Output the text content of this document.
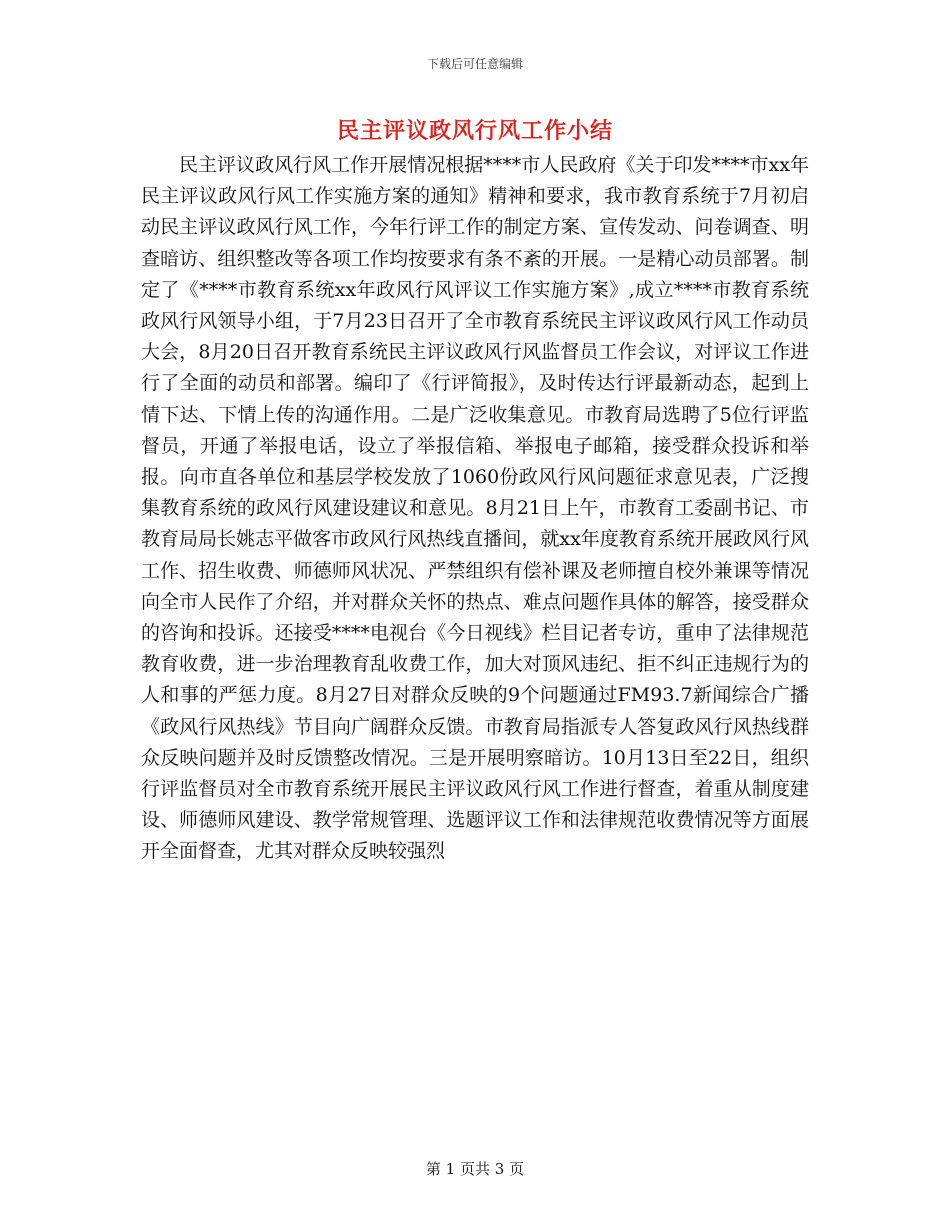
下载后可任意编辑
民主评议政风行风工作小结

民主评议政风行风工作开展情况根据****市人民政府《关于印发****市xx年民主评议政风行风工作实施方案的通知》精神和要求，我市教育系统于7月初启动民主评议政风行风工作，今年行评工作的制定方案、宣传发动、问卷调查、明查暗访、组织整改等各项工作均按要求有条不紊的开展。一是精心动员部署。制定了《****市教育系统xx年政风行风评议工作实施方案》,成立****市教育系统政风行风领导小组，于7月23日召开了全市教育系统民主评议政风行风工作动员大会，8月20日召开教育系统民主评议政风行风监督员工作会议，对评议工作进行了全面的动员和部署。编印了《行评简报》，及时传达行评最新动态，起到上情下达、下情上传的沟通作用。二是广泛收集意见。市教育局选聘了5位行评监督员，开通了举报电话，设立了举报信箱、举报电子邮箱，接受群众投诉和举报。向市直各单位和基层学校发放了1060份政风行风问题征求意见表，广泛搜集教育系统的政风行风建设建议和意见。8月21日上午，市教育工委副书记、市教育局局长姚志平做客市政风行风热线直播间，就xx年度教育系统开展政风行风工作、招生收费、师德师风状况、严禁组织有偿补课及老师擅自校外兼课等情况向全市人民作了介绍，并对群众关怀的热点、难点问题作具体的解答，接受群众的咨询和投诉。还接受****电视台《今日视线》栏目记者专访，重申了法律规范教育收费，进一步治理教育乱收费工作，加大对顶风违纪、拒不纠正违规行为的人和事的严惩力度。8月27日对群众反映的9个问题通过FM93.7新闻综合广播《政风行风热线》节目向广阔群众反馈。市教育局指派专人答复政风行风热线群众反映问题并及时反馈整改情况。三是开展明察暗访。10月13日至22日，组织行评监督员对全市教育系统开展民主评议政风行风工作进行督查，着重从制度建设、师德师风建设、教学常规管理、选题评议工作和法律规范收费情况等方面展开全面督查，尤其对群众反映较强烈

第 1 页共 3 页
